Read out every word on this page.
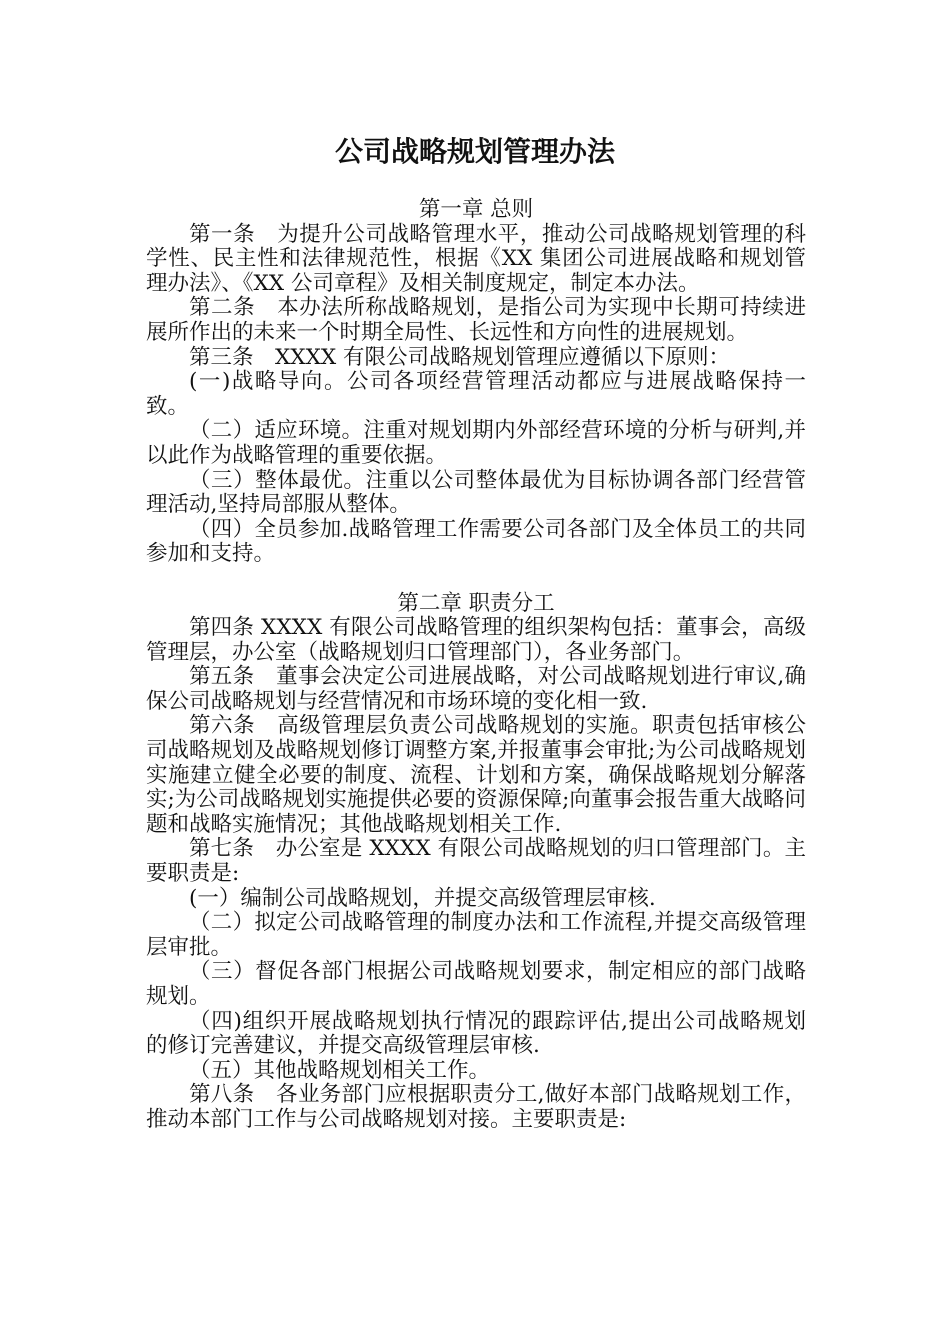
公司战略规划管理办法

第一章 总则

第一条　为提升公司战略管理水平，推动公司战略规划管理的科学性、民主性和法律规范性，根据《XX 集团公司进展战略和规划管理办法》、《XX 公司章程》及相关制度规定，制定本办法。

第二条　本办法所称战略规划，是指公司为实现中长期可持续进展所作出的未来一个时期全局性、长远性和方向性的进展规划。

第三条　XXXX 有限公司战略规划管理应遵循以下原则：

(一)战略导向。公司各项经营管理活动都应与进展战略保持一致。

（二）适应环境。注重对规划期内外部经营环境的分析与研判,并以此作为战略管理的重要依据。

（三）整体最优。注重以公司整体最优为目标协调各部门经营管理活动,坚持局部服从整体。

（四）全员参加.战略管理工作需要公司各部门及全体员工的共同参加和支持。

第二章 职责分工

第四条 XXXX 有限公司战略管理的组织架构包括：董事会，高级管理层，办公室（战略规划归口管理部门），各业务部门。

第五条　董事会决定公司进展战略，对公司战略规划进行审议,确保公司战略规划与经营情况和市场环境的变化相一致.

第六条　高级管理层负责公司战略规划的实施。职责包括审核公司战略规划及战略规划修订调整方案,并报董事会审批;为公司战略规划实施建立健全必要的制度、流程、计划和方案，确保战略规划分解落实;为公司战略规划实施提供必要的资源保障;向董事会报告重大战略问题和战略实施情况；其他战略规划相关工作.

第七条　办公室是 XXXX 有限公司战略规划的归口管理部门。主要职责是:

(一）编制公司战略规划，并提交高级管理层审核.

（二）拟定公司战略管理的制度办法和工作流程,并提交高级管理层审批。

（三）督促各部门根据公司战略规划要求，制定相应的部门战略规划。

（四)组织开展战略规划执行情况的跟踪评估,提出公司战略规划的修订完善建议，并提交高级管理层审核.

（五）其他战略规划相关工作。

第八条　各业务部门应根据职责分工,做好本部门战略规划工作，推动本部门工作与公司战略规划对接。主要职责是:
